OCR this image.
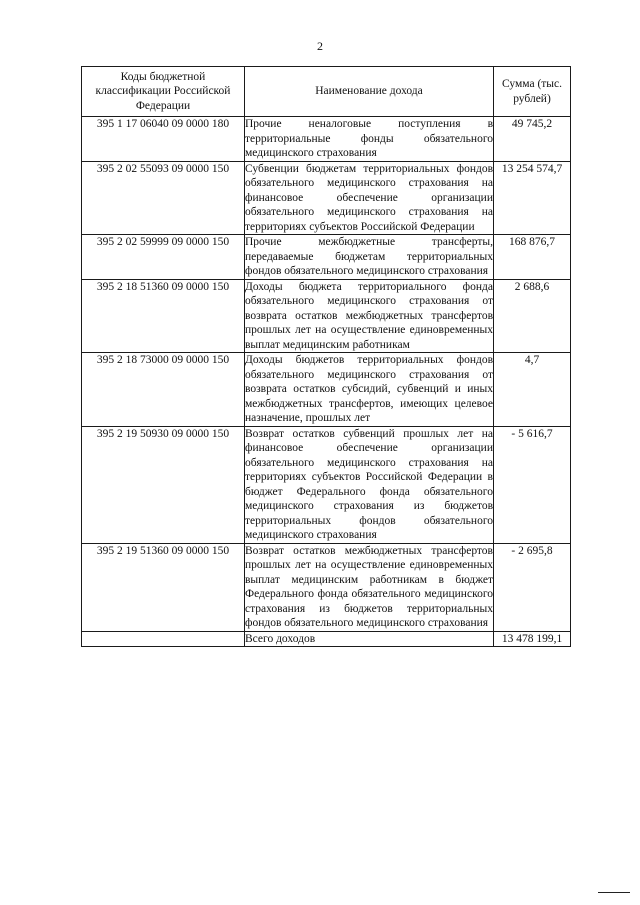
2
Коды бюджетной классификации Российской Федерации	Наименование дохода	Сумма (тыс. рублей)
395 1 17 06040 09 0000 180	Прочие неналоговые поступления в территориальные фонды обязательного медицинского страхования	49 745,2
395 2 02 55093 09 0000 150	Субвенции бюджетам территориальных фондов обязательного медицинского страхования на финансовое обеспечение организации обязательного медицинского страхования на территориях субъектов Российской Федерации	13 254 574,7
395 2 02 59999 09 0000 150	Прочие межбюджетные трансферты, передаваемые бюджетам территориальных фондов обязательного медицинского страхования	168 876,7
395 2 18 51360 09 0000 150	Доходы бюджета территориального фонда обязательного медицинского страхования от возврата остатков межбюджетных трансфертов прошлых лет на осуществление единовременных выплат медицинским работникам	2 688,6
395 2 18 73000 09 0000 150	Доходы бюджетов территориальных фондов обязательного медицинского страхования от возврата остатков субсидий, субвенций и иных межбюджетных трансфертов, имеющих целевое назначение, прошлых лет	4,7
395 2 19 50930 09 0000 150	Возврат остатков субвенций прошлых лет на финансовое обеспечение организации обязательного медицинского страхования на территориях субъектов Российской Федерации в бюджет Федерального фонда обязательного медицинского страхования из бюджетов территориальных фондов обязательного медицинского страхования	- 5 616,7
395 2 19 51360 09 0000 150	Возврат остатков межбюджетных трансфертов прошлых лет на осуществление единовременных выплат медицинским работникам в бюджет Федерального фонда обязательного медицинского страхования из бюджетов территориальных фондов обязательного медицинского страхования	- 2 695,8
	Всего доходов	13 478 199,1
